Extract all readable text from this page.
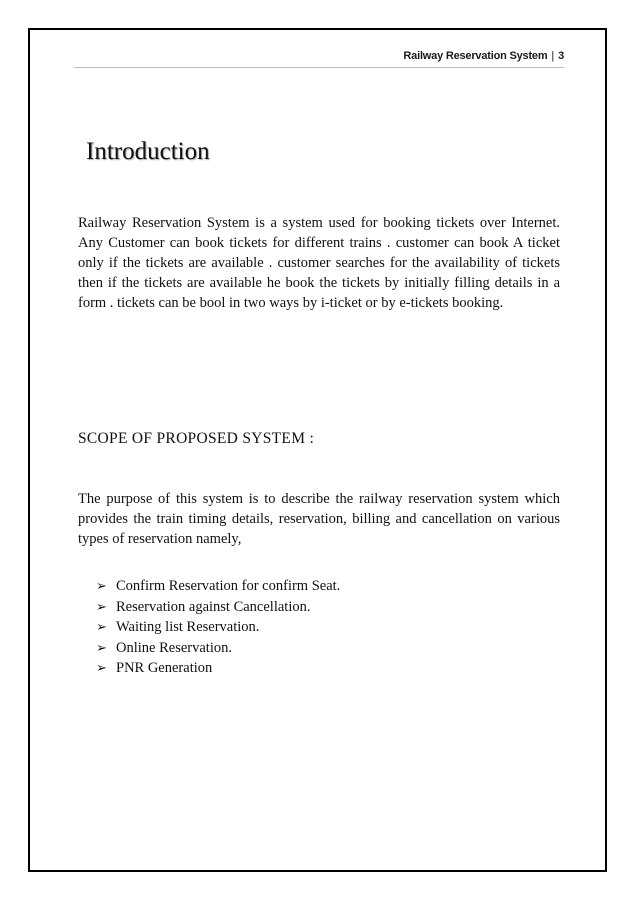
Railway Reservation System | 3
Introduction

Railway Reservation System is a system used for booking tickets over Internet. Any Customer can book tickets for different trains . customer can book A ticket only if the tickets are available . customer searches for the availability of tickets then if the tickets are available he book the tickets by initially filling details in a form . tickets can be bool in two ways by i-ticket or by e-tickets booking.

SCOPE OF PROPOSED SYSTEM :

The purpose of this system is to describe the railway reservation system which provides the train timing details, reservation, billing and cancellation on various types of reservation namely,

➢ Confirm Reservation for confirm Seat.
➢ Reservation against Cancellation.
➢ Waiting list Reservation.
➢ Online Reservation.
➢ PNR Generation
